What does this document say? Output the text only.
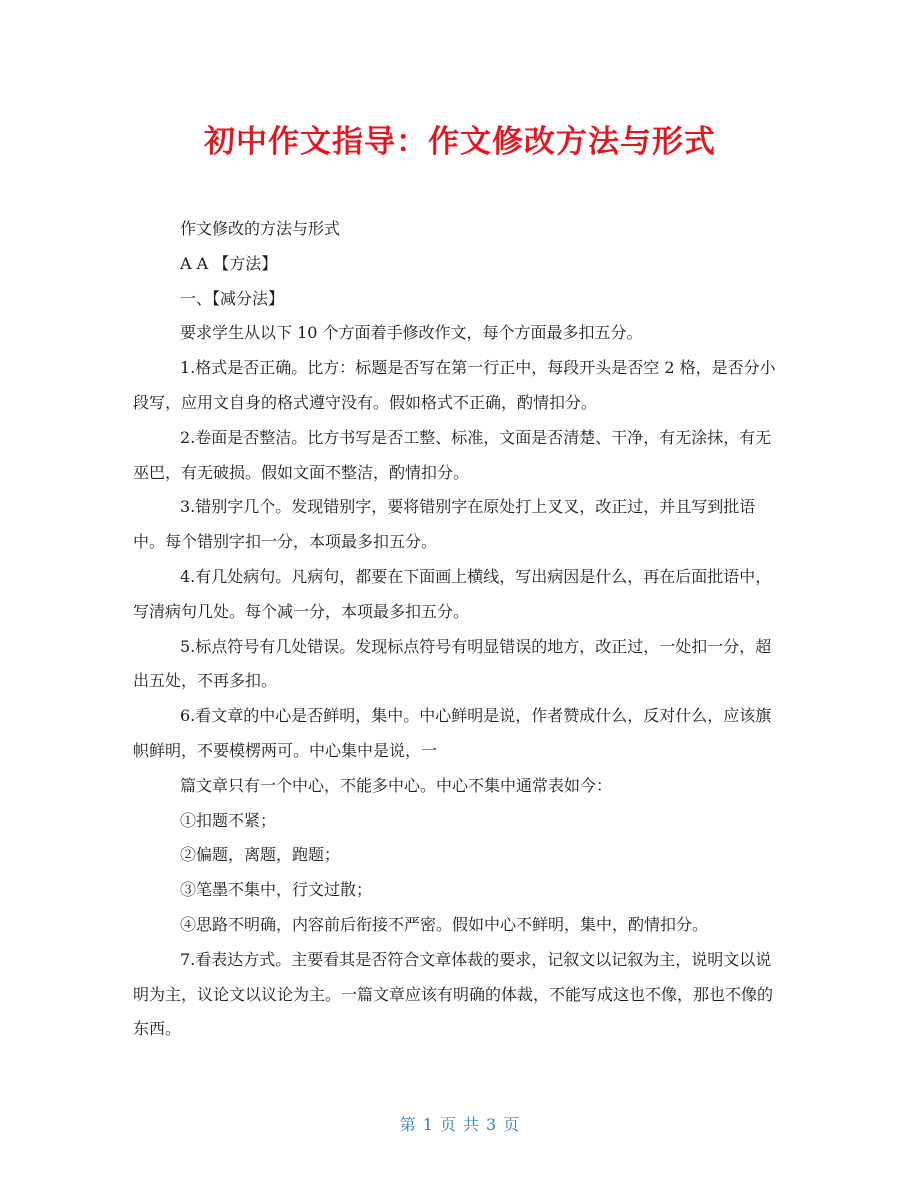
初中作文指导：作文修改方法与形式

作文修改的方法与形式

A A 【方法】

一、【减分法】

要求学生从以下 10 个方面着手修改作文，每个方面最多扣五分。

1.格式是否正确。比方：标题是否写在第一行正中，每段开头是否空 2 格，是否分小段写，应用文自身的格式遵守没有。假如格式不正确，酌情扣分。

2.卷面是否整洁。比方书写是否工整、标准，文面是否清楚、干净，有无涂抹，有无巫巴，有无破损。假如文面不整洁，酌情扣分。

3.错别字几个。发现错别字，要将错别字在原处打上叉叉，改正过，并且写到批语中。每个错别字扣一分，本项最多扣五分。

4.有几处病句。凡病句，都要在下面画上横线，写出病因是什么，再在后面批语中，写清病句几处。每个减一分，本项最多扣五分。

5.标点符号有几处错误。发现标点符号有明显错误的地方，改正过，一处扣一分，超出五处，不再多扣。

6.看文章的中心是否鲜明，集中。中心鲜明是说，作者赞成什么，反对什么，应该旗帜鲜明，不要模楞两可。中心集中是说，一

篇文章只有一个中心，不能多中心。中心不集中通常表如今：

①扣题不紧；

②偏题，离题，跑题；

③笔墨不集中，行文过散；

④思路不明确，内容前后衔接不严密。假如中心不鲜明，集中，酌情扣分。

7.看表达方式。主要看其是否符合文章体裁的要求，记叙文以记叙为主，说明文以说明为主，议论文以议论为主。一篇文章应该有明确的体裁，不能写成这也不像，那也不像的东西。

第 1 页 共 3 页
